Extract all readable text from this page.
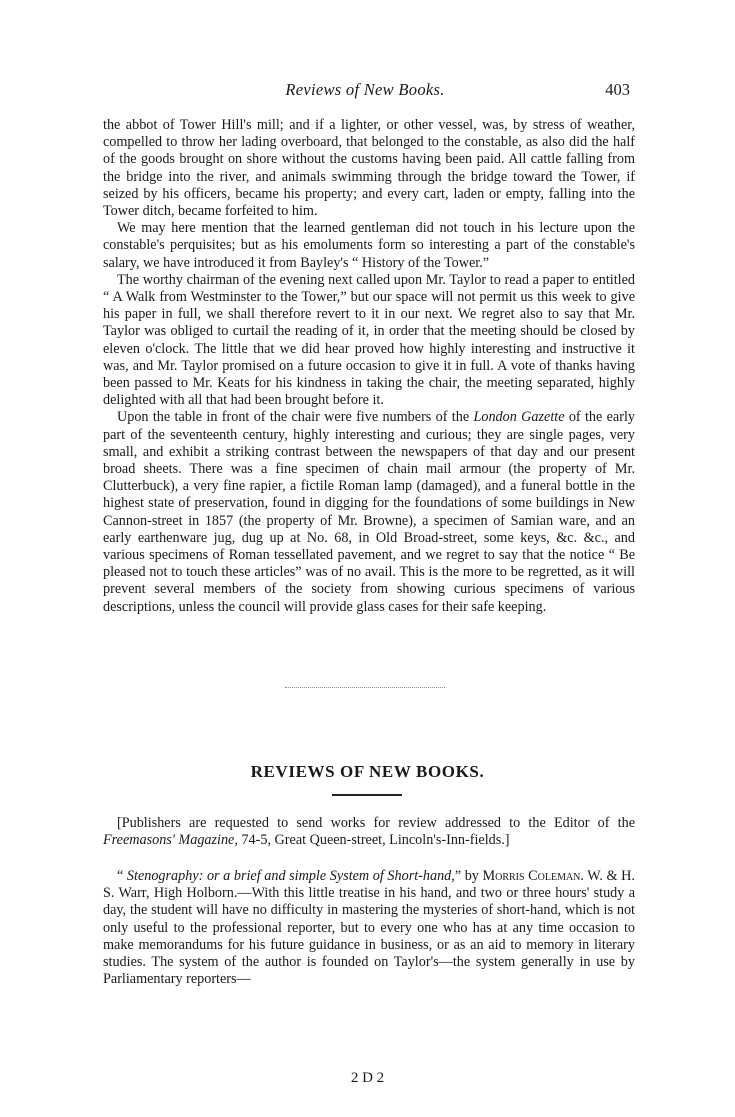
Reviews of New Books.	403

the abbot of Tower Hill's mill; and if a lighter, or other vessel, was, by stress of weather, compelled to throw her lading overboard, that belonged to the constable, as also did the half of the goods brought on shore without the customs having been paid. All cattle falling from the bridge into the river, and animals swimming through the bridge toward the Tower, if seized by his officers, became his property; and every cart, laden or empty, falling into the Tower ditch, became forfeited to him.

We may here mention that the learned gentleman did not touch in his lecture upon the constable's perquisites; but as his emoluments form so interesting a part of the constable's salary, we have introduced it from Bayley's “ History of the Tower.”

The worthy chairman of the evening next called upon Mr. Taylor to read a paper to entitled “ A Walk from Westminster to the Tower,” but our space will not permit us this week to give his paper in full, we shall therefore revert to it in our next. We regret also to say that Mr. Taylor was obliged to curtail the reading of it, in order that the meeting should be closed by eleven o'clock. The little that we did hear proved how highly interesting and instructive it was, and Mr. Taylor promised on a future occasion to give it in full. A vote of thanks having been passed to Mr. Keats for his kindness in taking the chair, the meeting separated, highly delighted with all that had been brought before it.

Upon the table in front of the chair were five numbers of the London Gazette of the early part of the seventeenth century, highly interesting and curious; they are single pages, very small, and exhibit a striking contrast between the newspapers of that day and our present broad sheets. There was a fine specimen of chain mail armour (the property of Mr. Clutterbuck), a very fine rapier, a fictile Roman lamp (damaged), and a funeral bottle in the highest state of preservation, found in digging for the foundations of some buildings in New Cannon-street in 1857 (the property of Mr. Browne), a specimen of Samian ware, and an early earthenware jug, dug up at No. 68, in Old Broad-street, some keys, &c. &c., and various specimens of Roman tessellated pavement, and we regret to say that the notice “ Be pleased not to touch these articles” was of no avail. This is the more to be regretted, as it will prevent several members of the society from showing curious specimens of various descriptions, unless the council will provide glass cases for their safe keeping.

REVIEWS OF NEW BOOKS.

[Publishers are requested to send works for review addressed to the Editor of the Freemasons' Magazine, 74-5, Great Queen-street, Lincoln's-Inn-fields.]

“ Stenography: or a brief and simple System of Short-hand,” by Morris Coleman. W. & H. S. Warr, High Holborn.—With this little treatise in his hand, and two or three hours' study a day, the student will have no difficulty in mastering the mysteries of short-hand, which is not only useful to the professional reporter, but to every one who has at any time occasion to make memorandums for his future guidance in business, or as an aid to memory in literary studies. The system of the author is founded on Taylor's—the system generally in use by Parliamentary reporters—

2 D 2
